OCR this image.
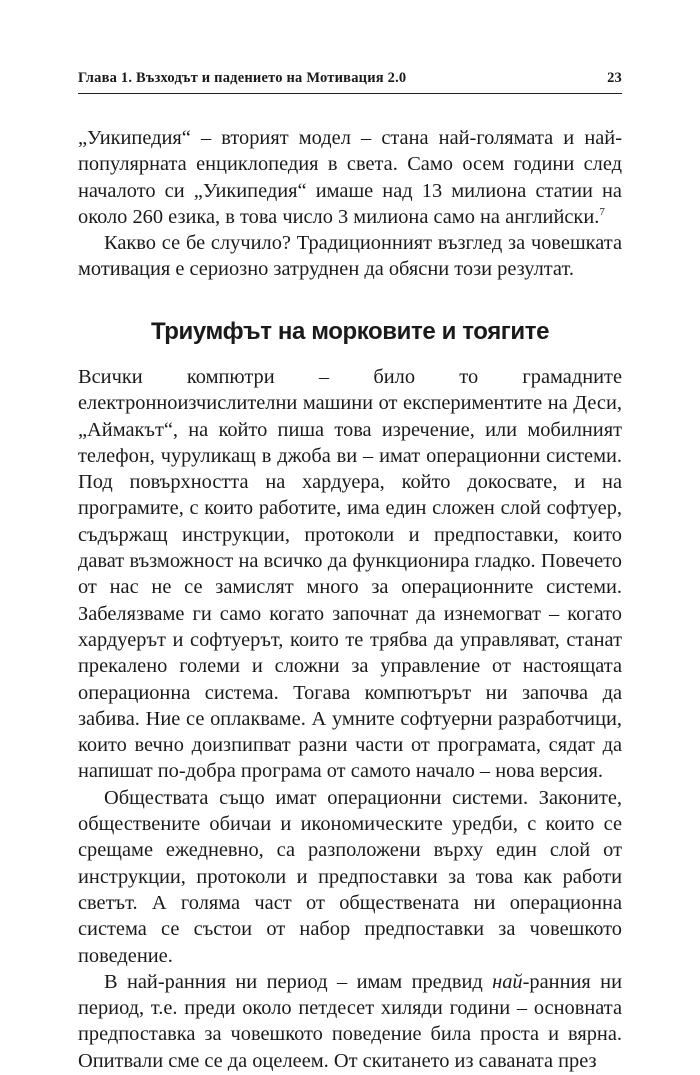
Глава 1. Възходът и падението на Мотивация 2.0	23

„Уикипедия“ – вторият модел – стана най-голямата и най-популярната енциклопедия в света. Само осем години след началото си „Уикипедия“ имаше над 13 милиона статии на около 260 езика, в това число 3 милиона само на английски.$^7$

Какво се бе случило? Традиционният възглед за човешката мотивация е сериозно затруднен да обясни този резултат.

Триумфът на морковите и тоягите

Всички компютри – било то грамадните електронноизчислителни машини от експериментите на Деси, „Аймакът“, на който пиша това изречение, или мобилният телефон, чуруликащ в джоба ви – имат операционни системи. Под повърхността на хардуера, който докосвате, и на програмите, с които работите, има един сложен слой софтуер, съдържащ инструкции, протоколи и предпоставки, които дават възможност на всичко да функционира гладко. Повечето от нас не се замислят много за операционните системи. Забелязваме ги само когато започнат да изнемогват – когато хардуерът и софтуерът, които те трябва да управляват, станат прекалено големи и сложни за управление от настоящата операционна система. Тогава компютърът ни започва да забива. Ние се оплакваме. А умните софтуерни разработчици, които вечно доизпипват разни части от програмата, сядат да напишат по-добра програма от самото начало – нова версия.

Обществата също имат операционни системи. Законите, обществените обичаи и икономическите уредби, с които се срещаме ежедневно, са разположени върху един слой от инструкции, протоколи и предпоставки за това как работи светът. А голяма част от обществената ни операционна система се състои от набор предпоставки за човешкото поведение.

В най-ранния ни период – имам предвид най-ранния ни период, т.е. преди около петдесет хиляди години – основната предпоставка за човешкото поведение била проста и вярна. Опитвали сме се да оцелеем. От скитането из саваната през
